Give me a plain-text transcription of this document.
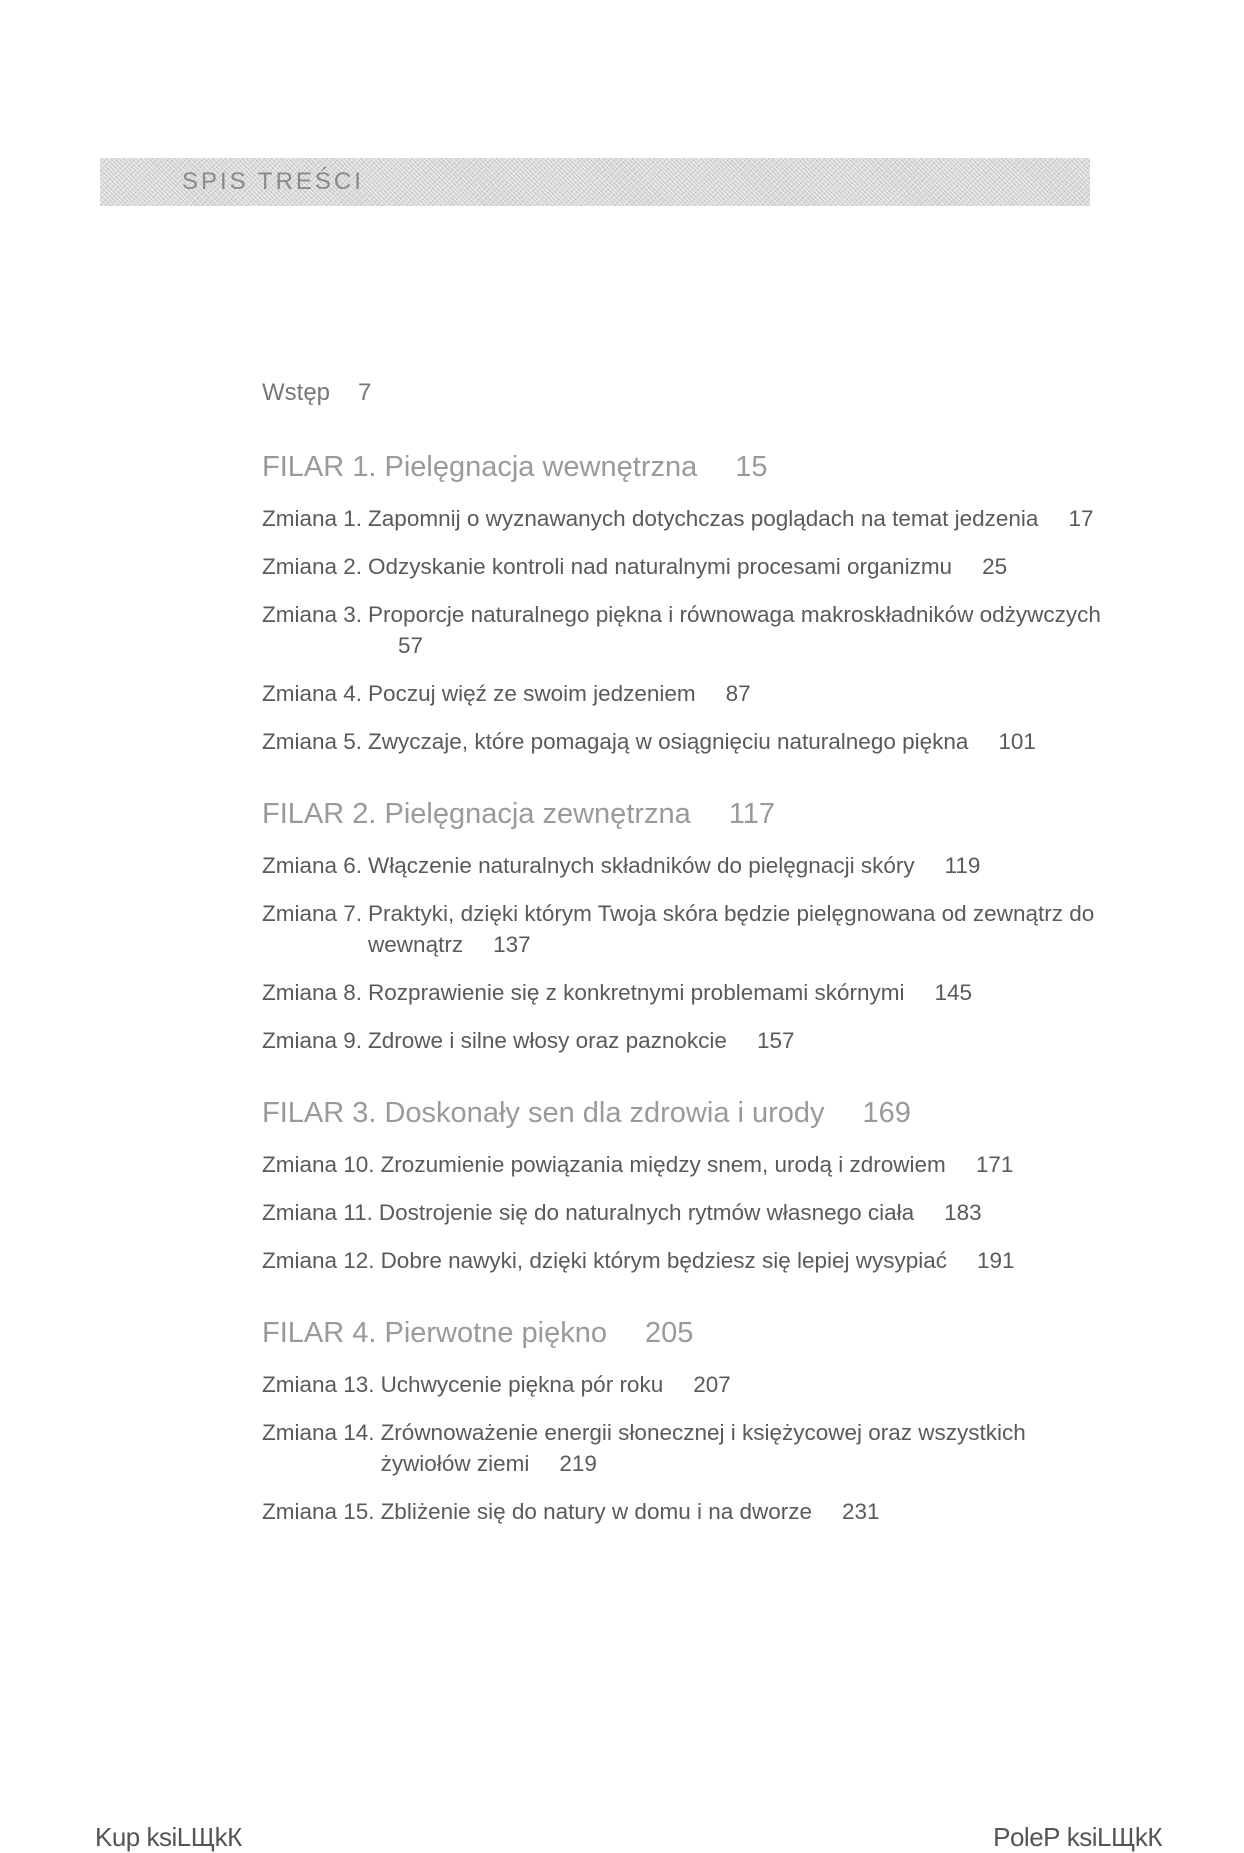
SPIS TREŚCI
Wstęp 7
FILAR 1. Pielęgnacja wewnętrzna 15
Zmiana 1. Zapomnij o wyznawanych dotychczas poglądach na temat jedzenia 17
Zmiana 2. Odzyskanie kontroli nad naturalnymi procesami organizmu 25
Zmiana 3. Proporcje naturalnego piękna i równowaga makroskładników odżywczych57
Zmiana 4. Poczuj więź ze swoim jedzeniem 87
Zmiana 5. Zwyczaje, które pomagają w osiągnięciu naturalnego piękna 101
FILAR 2. Pielęgnacja zewnętrzna 117
Zmiana 6. Włączenie naturalnych składników do pielęgnacji skóry 119
Zmiana 7. Praktyki, dzięki którym Twoja skóra będzie pielęgnowana od zewnątrz do wewnątrz 137
Zmiana 8. Rozprawienie się z konkretnymi problemami skórnymi 145
Zmiana 9. Zdrowe i silne włosy oraz paznokcie 157
FILAR 3. Doskonały sen dla zdrowia i urody 169
Zmiana 10. Zrozumienie powiązania między snem, urodą i zdrowiem 171
Zmiana 11. Dostrojenie się do naturalnych rytmów własnego ciała 183
Zmiana 12. Dobre nawyki, dzięki którym będziesz się lepiej wysypiać 191
FILAR 4. Pierwotne piękno 205
Zmiana 13. Uchwycenie piękna pór roku 207
Zmiana 14. Zrównoważenie energii słonecznej i księżycowej oraz wszystkich żywiołów ziemi 219
Zmiana 15. Zbliżenie się do natury w domu i na dworze 231
Kup ksiLЩkК	PoleР ksiLЩkК
